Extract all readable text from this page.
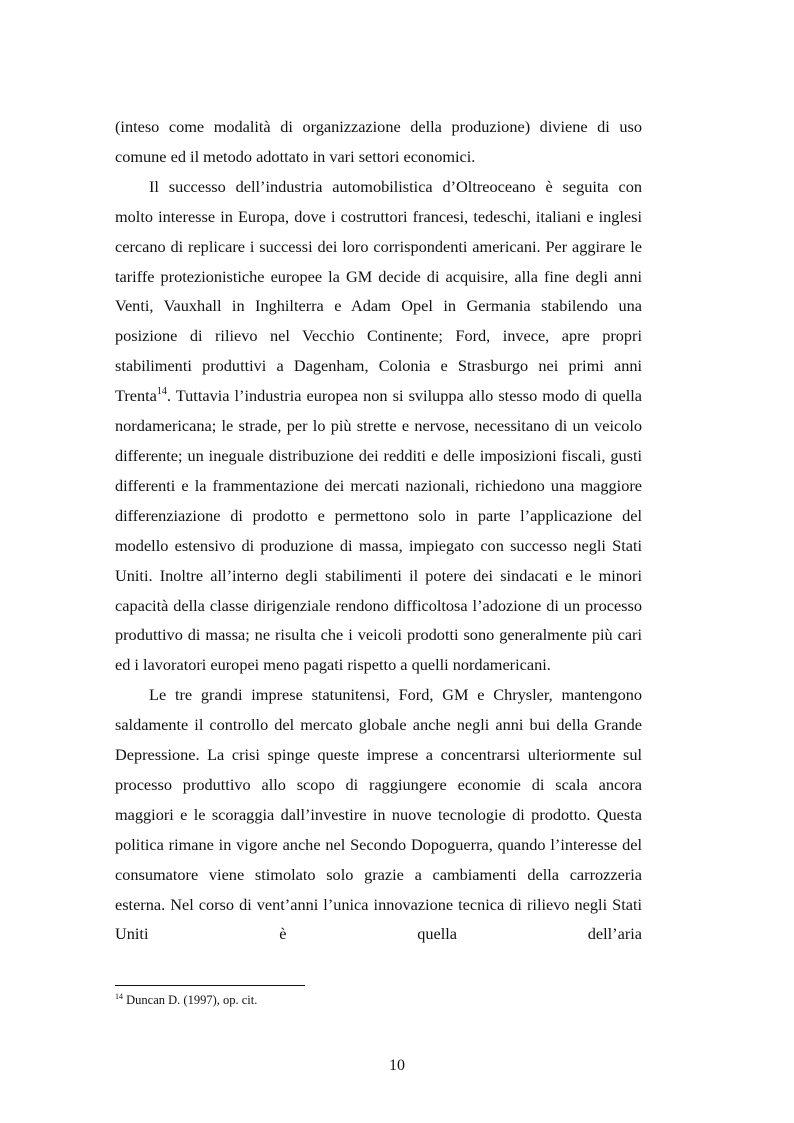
(inteso come modalità di organizzazione della produzione) diviene di uso comune ed il metodo adottato in vari settori economici.

Il successo dell’industria automobilistica d’Oltreoceano è seguita con molto interesse in Europa, dove i costruttori francesi, tedeschi, italiani e inglesi cercano di replicare i successi dei loro corrispondenti americani. Per aggirare le tariffe protezionistiche europee la GM decide di acquisire, alla fine degli anni Venti, Vauxhall in Inghilterra e Adam Opel in Germania stabilendo una posizione di rilievo nel Vecchio Continente; Ford, invece, apre propri stabilimenti produttivi a Dagenham, Colonia e Strasburgo nei primi anni Trenta$^{14}$. Tuttavia l’industria europea non si sviluppa allo stesso modo di quella nordamericana; le strade, per lo più strette e nervose, necessitano di un veicolo differente; un ineguale distribuzione dei redditi e delle imposizioni fiscali, gusti differenti e la frammentazione dei mercati nazionali, richiedono una maggiore differenziazione di prodotto e permettono solo in parte l’applicazione del modello estensivo di produzione di massa, impiegato con successo negli Stati Uniti. Inoltre all’interno degli stabilimenti il potere dei sindacati e le minori capacità della classe dirigenziale rendono difficoltosa l’adozione di un processo produttivo di massa; ne risulta che i veicoli prodotti sono generalmente più cari ed i lavoratori europei meno pagati rispetto a quelli nordamericani.

Le tre grandi imprese statunitensi, Ford, GM e Chrysler, mantengono saldamente il controllo del mercato globale anche negli anni bui della Grande Depressione. La crisi spinge queste imprese a concentrarsi ulteriormente sul processo produttivo allo scopo di raggiungere economie di scala ancora maggiori e le scoraggia dall’investire in nuove tecnologie di prodotto. Questa politica rimane in vigore anche nel Secondo Dopoguerra, quando l’interesse del consumatore viene stimolato solo grazie a cambiamenti della carrozzeria esterna. Nel corso di vent’anni l’unica innovazione tecnica di rilievo negli Stati Uniti è quella dell’aria

$^{14}$ Duncan D. (1997), op. cit.
10
